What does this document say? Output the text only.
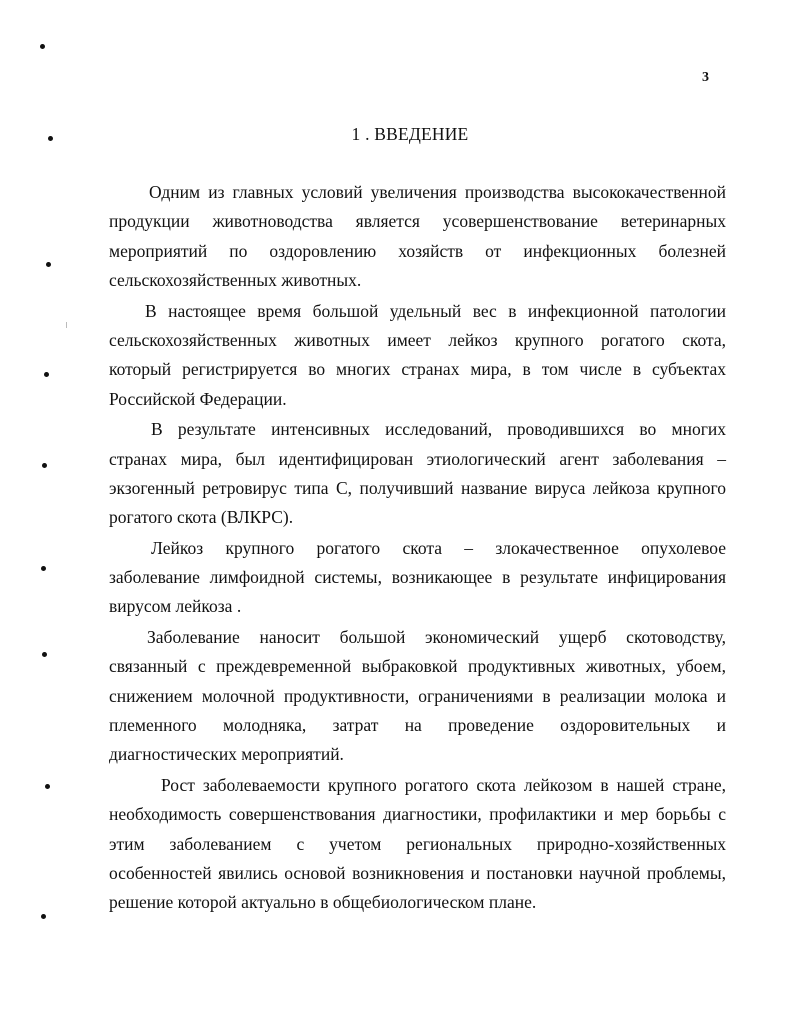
3
1 . ВВЕДЕНИЕ

Одним из главных условий увеличения производства высококачественной
продукции животноводства является усовершенствование ветеринарных
мероприятий по оздоровлению хозяйств от инфекционных болезней
сельскохозяйственных животных.

В настоящее время большой удельный вес в инфекционной патологии
сельскохозяйственных животных имеет лейкоз крупного рогатого скота,
который регистрируется во многих странах мира, в том числе в субъектах
Российской Федерации.

В результате интенсивных исследований, проводившихся во многих
странах мира, был идентифицирован этиологический агент заболевания –
экзогенный ретровирус типа С, получивший название вируса лейкоза крупного
рогатого скота (ВЛКРС).

Лейкоз крупного рогатого скота – злокачественное опухолевое
заболевание лимфоидной системы, возникающее в результате инфицирования
вирусом лейкоза .

Заболевание наносит большой экономический ущерб скотоводству,
связанный с преждевременной выбраковкой продуктивных животных, убоем,
снижением молочной продуктивности, ограничениями в реализации молока и
племенного молодняка, затрат на проведение оздоровительных и
диагностических мероприятий.

Рост заболеваемости крупного рогатого скота лейкозом в нашей стране,
необходимость совершенствования диагностики, профилактики и мер борьбы с
этим заболеванием с учетом региональных природно-хозяйственных
особенностей явились основой возникновения и постановки научной проблемы,
решение которой актуально в общебиологическом плане.
